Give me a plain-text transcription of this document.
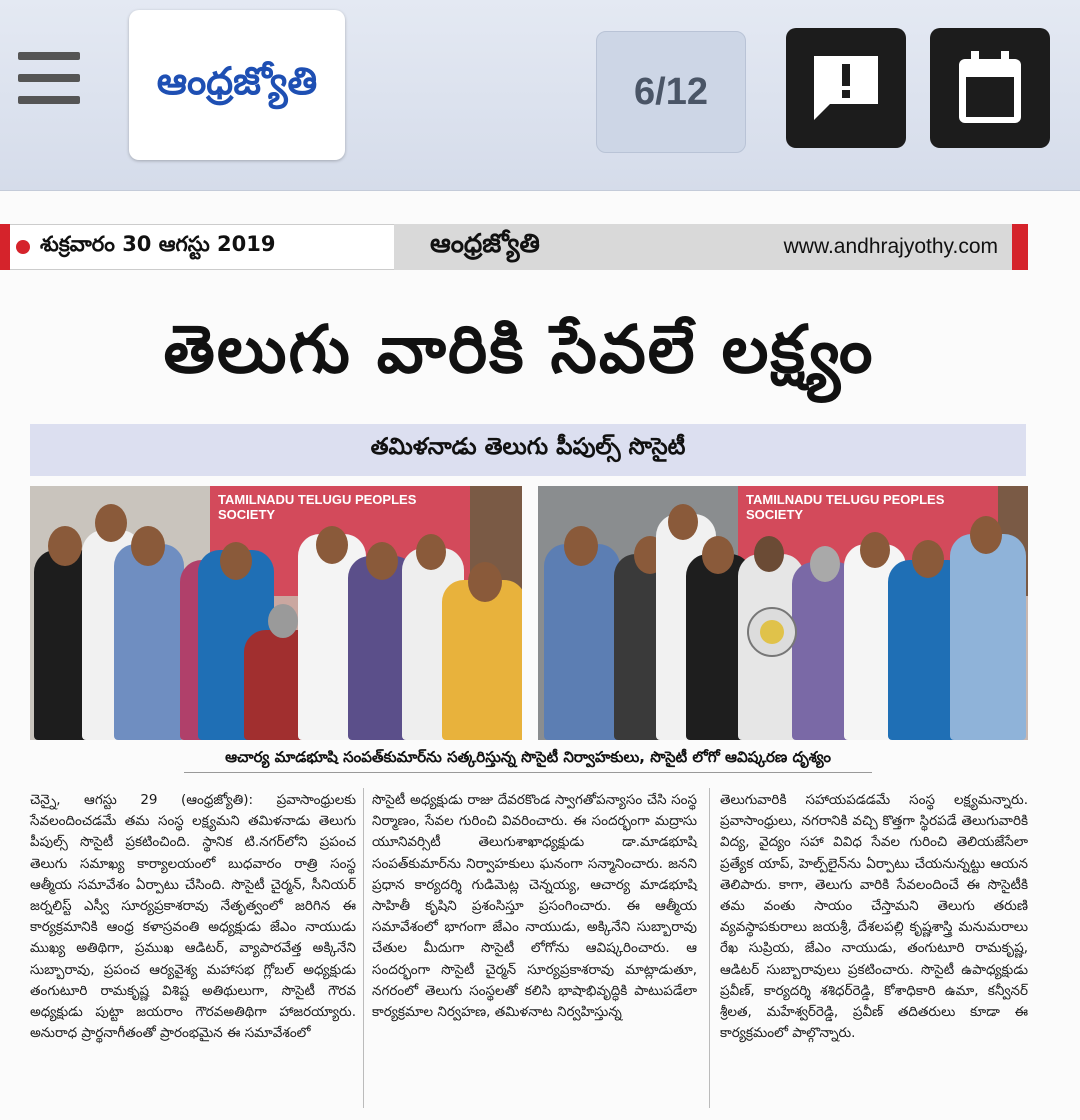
ఆంధ్రజ్యోతి	6/12
శుక్రవారం 30 ఆగస్టు 2019	ఆంధ్రజ్యోతి	www.andhrajyothy.com
తెలుగు వారికి సేవలే లక్ష్యం
తమిళనాడు తెలుగు పీపుల్స్ సొసైటీ
TAMILNADU TELUGU PEOPLES SOCIETY
TAMILNADU TELUGU PEOPLES SOCIETY
ఆచార్య మాడభూషి సంపత్‌కుమార్‌ను సత్కరిస్తున్న సొసైటీ నిర్వాహకులు, సొసైటీ లోగో ఆవిష్కరణ దృశ్యం
చెన్నై, ఆగస్టు 29 (ఆంధ్రజ్యోతి): ప్రవాసాంధ్రులకు సేవలందించడమే తమ సంస్థ లక్ష్యమని తమిళనాడు తెలుగు పీపుల్స్ సొసైటీ ప్రకటించింది. స్థానిక టి.నగర్‌లోని ప్రపంచ తెలుగు సమాఖ్య కార్యాలయంలో బుధవారం రాత్రి సంస్థ ఆత్మీయ సమావేశం ఏర్పాటు చేసింది. సొసైటీ చైర్మన్, సీనియర్ జర్నలిస్ట్ ఎస్వీ సూర్యప్రకాశరావు నేతృత్వంలో జరిగిన ఈ కార్యక్రమానికి ఆంధ్ర కళాస్రవంతి అధ్యక్షుడు జేఎం నాయుడు ముఖ్య అతిథిగా, ప్రముఖ ఆడిటర్, వ్యాపారవేత్త అక్కినేని సుబ్బారావు, ప్రపంచ ఆర్యవైశ్య మహాసభ గ్లోబల్ అధ్యక్షుడు తంగుటూరి రామకృష్ణ విశిష్ట అతిథులుగా, సొసైటీ గౌరవ అధ్యక్షుడు పుట్టా జయరాం గౌరవఅతిథిగా హాజరయ్యారు. అనురాధ ప్రార్థనాగీతంతో ప్రారంభమైన ఈ సమావేశంలో
సొసైటీ అధ్యక్షుడు రాజు దేవరకొండ స్వాగతోపన్యాసం చేసి సంస్థ నిర్మాణం, సేవల గురించి వివరించారు. ఈ సందర్భంగా మద్రాసు యూనివర్సిటీ తెలుగుశాఖాధ్యక్షుడు డా.మాడభూషి సంపత్‌కుమార్‌ను నిర్వాహకులు ఘనంగా సన్మానించారు. జనని ప్రధాన కార్యదర్శి గుడిమెట్ల చెన్నయ్య, ఆచార్య మాడభూషి సాహితీ కృషిని ప్రశంసిస్తూ ప్రసంగించారు. ఈ ఆత్మీయ సమావేశంలో భాగంగా జేఎం నాయుడు, అక్కినేని సుబ్బారావు చేతుల మీదుగా సొసైటీ లోగోను ఆవిష్కరించారు. ఆ సందర్భంగా సొసైటీ చైర్మన్ సూర్యప్రకాశరావు మాట్లాడుతూ, నగరంలో తెలుగు సంస్థలతో కలిసి భాషాభివృద్ధికి పాటుపడేలా కార్యక్రమాల నిర్వహణ, తమిళనాట నిర్వహిస్తున్న
తెలుగువారికి సహాయపడడమే సంస్థ లక్ష్యమన్నారు. ప్రవాసాంధ్రులు, నగరానికి వచ్చి కొత్తగా స్థిరపడే తెలుగువారికి విద్య, వైద్యం సహా వివిధ సేవల గురించి తెలియజేసేలా ప్రత్యేక యాప్, హెల్ప్‌లైన్‌ను ఏర్పాటు చేయనున్నట్టు ఆయన తెలిపారు. కాగా, తెలుగు వారికి సేవలందించే ఈ సొసైటీకి తమ వంతు సాయం చేస్తామని తెలుగు తరుణి వ్యవస్థాపకురాలు జయశ్రీ, దేశలపల్లి కృష్ణశాస్త్రి మనుమరాలు రేఖ సుప్రియ, జేఎం నాయుడు, తంగుటూరి రామకృష్ణ, ఆడిటర్ సుబ్బారావులు ప్రకటించారు. సొసైటీ ఉపాధ్యక్షుడు ప్రవీణ్, కార్యదర్శి శశిధర్‌రెడ్డి, కోశాధికారి ఉమా, కన్వీనర్ శ్రీలత, మహేశ్వర్‌రెడ్డి, ప్రవీణ్ తదితరులు కూడా ఈ కార్యక్రమంలో పాల్గొన్నారు.
